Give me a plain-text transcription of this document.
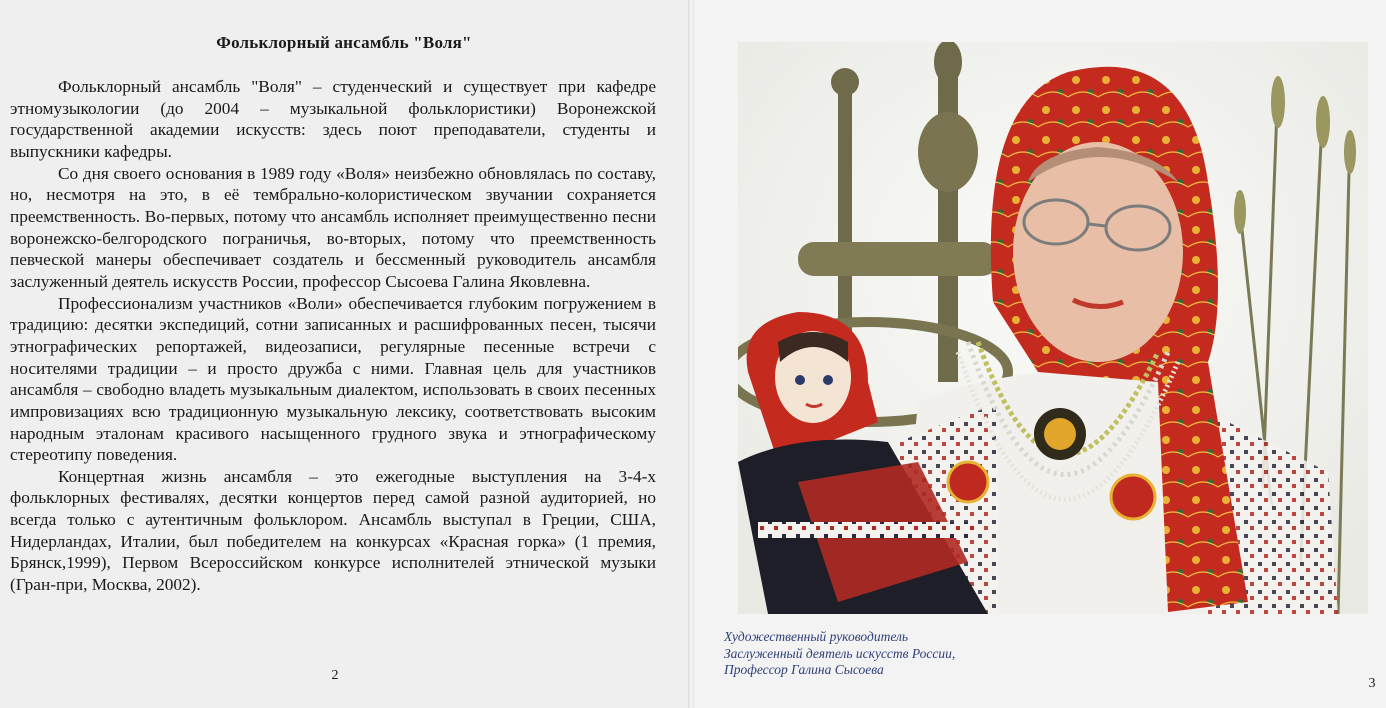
Фольклорный ансамбль "Воля"

Фольклорный ансамбль "Воля" – студенческий и существует при кафедре этномузыкологии (до 2004 – музыкальной фольклористики) Воронежской государственной академии искусств: здесь поют преподаватели, студенты и выпускники кафедры.

Со дня своего основания в 1989 году «Воля» неизбежно обновлялась по составу, но, несмотря на это, в её тембрально-колористическом звучании сохраняется преемственность. Во-первых, потому что ансамбль исполняет преимущественно песни воронежско-белгородского пограничья, во-вторых, потому что преемственность певческой манеры обеспечивает создатель и бессменный руководитель ансамбля заслуженный деятель искусств России, профессор Сысоева Галина Яковлевна.

Профессионализм участников «Воли» обеспечивается глубоким погружением в традицию: десятки экспедиций, сотни записанных и расшифрованных песен, тысячи этнографических репортажей, видеозаписи, регулярные песенные встречи с носителями традиции – и просто дружба с ними. Главная цель для участников ансамбля – свободно владеть музыкальным диалектом, использовать в своих песенных импровизациях всю традиционную музыкальную лексику, соответствовать высоким народным эталонам красивого насыщенного грудного звука и этнографическому стереотипу поведения.

Концертная жизнь ансамбля – это ежегодные выступления на 3-4-х фольклорных фестивалях, десятки концертов перед самой разной аудиторией, но всегда только с аутентичным фольклором. Ансамбль выступал в Греции, США, Нидерландах, Италии, был победителем на конкурсах «Красная горка» (1 премия, Брянск,1999), Первом Всероссийском конкурсе исполнителей этнической музыки (Гран-при, Москва, 2002).

2
Художественный руководитель
Заслуженный деятель искусств России,
Профессор Галина Сысоева
3
